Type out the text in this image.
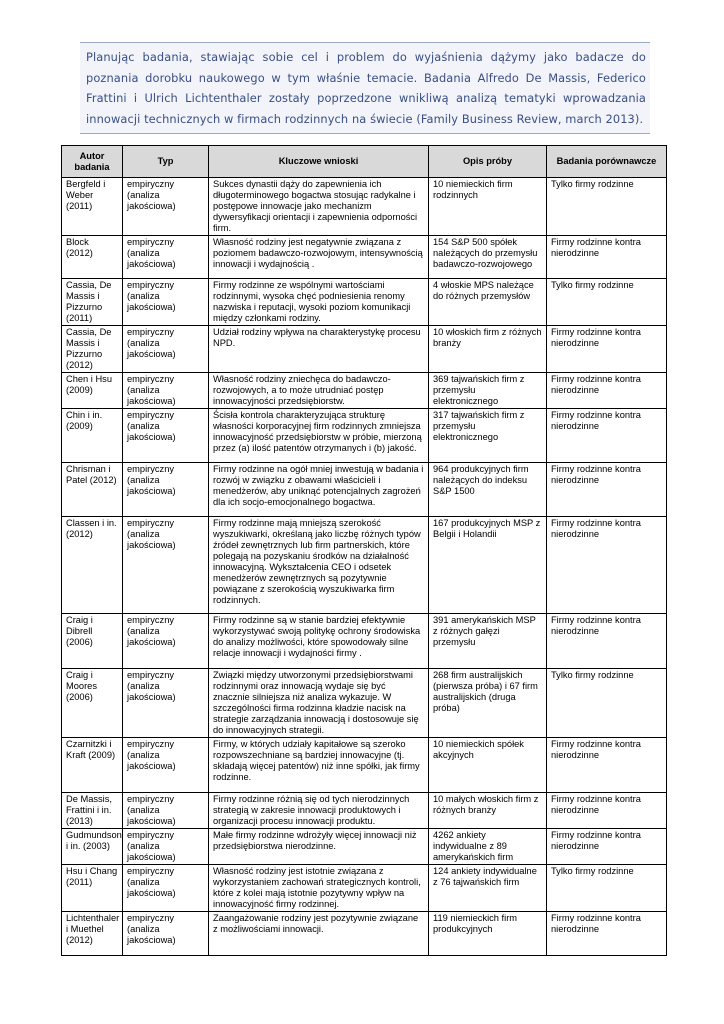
Planując badania, stawiając sobie cel i problem do wyjaśnienia dążymy jako badacze do poznania dorobku naukowego w tym właśnie temacie. Badania Alfredo De Massis, Federico Frattini i Ulrich Lichtenthaler zostały poprzedzone wnikliwą analizą tematyki wprowadzania innowacji technicznych w firmach rodzinnych na świecie (Family Business Review, march 2013).
Autor badania	Typ	Kluczowe wnioski	Opis próby	Badania porównawcze
Bergfeld i Weber (2011)	empiryczny (analiza jakościowa)	Sukces dynastii dąży do zapewnienia ich długoterminowego bogactwa stosując radykalne i postępowe innowacje jako mechanizm dywersyfikacji orientacji i zapewnienia odporności firm.	10 niemieckich firm rodzinnych	Tylko firmy rodzinne
Block (2012)	empiryczny (analiza jakościowa)	Własność rodziny jest negatywnie związana z poziomem badawczo-rozwojowym, intensywnością innowacji i wydajnością .	154 S&P 500 spółek należących do przemysłu badawczo-rozwojowego	Firmy rodzinne kontra nierodzinne
Cassia, De Massis i Pizzurno (2011)	empiryczny (analiza jakościowa)	Firmy rodzinne ze wspólnymi wartościami rodzinnymi, wysoka chęć podniesienia renomy nazwiska i reputacji, wysoki poziom komunikacji między członkami rodziny.	4 włoskie MPS należące do różnych przemysłów	Tylko firmy rodzinne
Cassia, De Massis i Pizzurno (2012)	empiryczny (analiza jakościowa)	Udział rodziny wpływa na charakterystykę procesu NPD.	10 włoskich firm z różnych branży	Firmy rodzinne kontra nierodzinne
Chen i Hsu (2009)	empiryczny (analiza jakościowa)	Własność rodziny zniechęca do badawczo-rozwojowych, a to może utrudniać postęp innowacyjności przedsiębiorstw.	369 tajwańskich firm z przemysłu elektronicznego	Firmy rodzinne kontra nierodzinne
Chin i in. (2009)	empiryczny (analiza jakościowa)	Ścisła kontrola charakteryzująca strukturę własności korporacyjnej firm rodzinnych zmniejsza innowacyjność przedsiębiorstw w próbie, mierzoną przez (a) ilość patentów otrzymanych i (b) jakość.	317 tajwańskich firm z przemysłu elektronicznego	Firmy rodzinne kontra nierodzinne
Chrisman i Patel (2012)	empiryczny (analiza jakościowa)	Firmy rodzinne na ogół mniej inwestują w badania i rozwój w związku z obawami właścicieli i menedżerów, aby uniknąć potencjalnych zagrożeń dla ich socjo-emocjonalnego bogactwa.	964 produkcyjnych firm należących do indeksu S&P 1500	Firmy rodzinne kontra nierodzinne
Classen i in. (2012)	empiryczny (analiza jakościowa)	Firmy rodzinne mają mniejszą szerokość wyszukiwarki, określaną jako liczbę różnych typów źródeł zewnętrznych lub firm partnerskich, które polegają na pozyskaniu środków na działalność innowacyjną. Wykształcenia CEO i odsetek menedżerów zewnętrznych są pozytywnie powiązane z szerokością wyszukiwarka firm rodzinnych.	167 produkcyjnych MSP z Belgii i Holandii	Firmy rodzinne kontra nierodzinne
Craig i Dibrell (2006)	empiryczny (analiza jakościowa)	Firmy rodzinne są w stanie bardziej efektywnie wykorzystywać swoją politykę ochrony środowiska do analizy możliwości, które spowodowały silne relacje innowacji i wydajności firmy .	391 amerykańskich MSP z różnych gałęzi przemysłu	Firmy rodzinne kontra nierodzinne
Craig i Moores (2006)	empiryczny (analiza jakościowa)	Związki między utworzonymi przedsiębiorstwami rodzinnymi oraz innowacją wydaje się być znacznie silniejsza niż analiza wykazuje. W szczególności firma rodzinna kładzie nacisk na strategie zarządzania innowacją i dostosowuje się do innowacyjnych strategii.	268 firm australijskich (pierwsza próba) i 67 firm australijskich (druga próba)	Tylko firmy rodzinne
Czarnitzki i Kraft (2009)	empiryczny (analiza jakościowa)	Firmy, w których udziały kapitałowe są szeroko rozpowszechniane są bardziej innowacyjne (tj. składają więcej patentów) niż inne spółki, jak firmy rodzinne.	10 niemieckich spółek akcyjnych	Firmy rodzinne kontra nierodzinne
De Massis, Frattini i in. (2013)	empiryczny (analiza jakościowa)	Firmy rodzinne różnią się od tych nierodzinnych strategią w zakresie innowacji produktowych i organizacji procesu innowacji produktu.	10 małych włoskich firm z różnych branży	Firmy rodzinne kontra nierodzinne
Gudmundson i in. (2003)	empiryczny (analiza jakościowa)	Małe firmy rodzinne wdrożyły więcej innowacji niż przedsiębiorstwa nierodzinne.	4262 ankiety indywidualne z 89 amerykańskich firm	Firmy rodzinne kontra nierodzinne
Hsu i Chang (2011)	empiryczny (analiza jakościowa)	Własność rodziny jest istotnie związana z wykorzystaniem zachowań strategicznych kontroli, które z kolei mają istotnie pozytywny wpływ na innowacyjność firmy rodzinnej.	124 ankiety indywidualne z 76 tajwańskich firm	Tylko firmy rodzinne
Lichtenthaler i Muethel (2012)	empiryczny (analiza jakościowa)	Zaangażowanie rodziny jest pozytywnie związane z możliwościami innowacji.	119 niemieckich firm produkcyjnych	Firmy rodzinne kontra nierodzinne
